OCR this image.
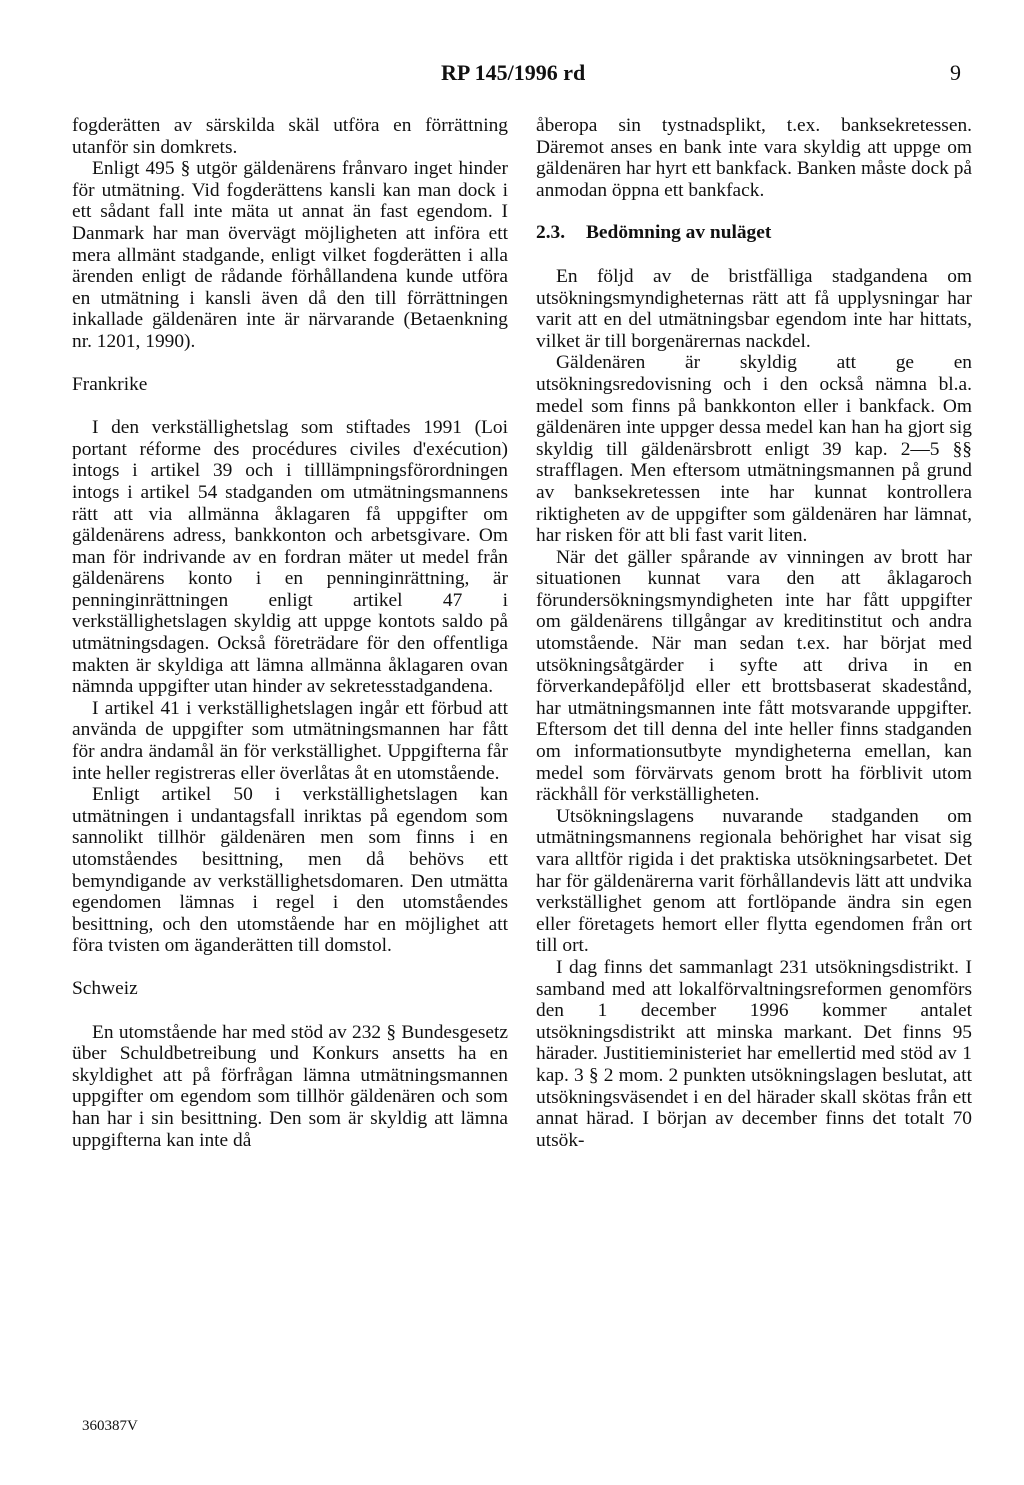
RP 145/1996 rd	9

fogderätten av särskilda skäl utföra en förrättning utanför sin domkrets.

Enligt 495 § utgör gäldenärens frånvaro inget hinder för utmätning. Vid fogderättens kansli kan man dock i ett sådant fall inte mäta ut annat än fast egendom. I Danmark har man övervägt möjligheten att införa ett mera allmänt stadgande, enligt vilket fogderätten i alla ärenden enligt de rådande förhållandena kunde utföra en utmätning i kansli även då den till förrättningen inkallade gäldenären inte är närvarande (Betaenkning nr. 1201, 1990).

Frankrike

I den verkställighetslag som stiftades 1991 (Loi portant réforme des procédures civiles d'exécution) intogs i artikel 39 och i tilllämpningsförordningen intogs i artikel 54 stadganden om utmätningsmannens rätt att via allmänna åklagaren få uppgifter om gäldenärens adress, bankkonton och arbetsgivare. Om man för indrivande av en fordran mäter ut medel från gäldenärens konto i en penninginrättning, är penninginrättningen enligt artikel 47 i verkställighetslagen skyldig att uppge kontots saldo på utmätningsdagen. Också företrädare för den offentliga makten är skyldiga att lämna allmänna åklagaren ovan nämnda uppgifter utan hinder av sekretesstadgandena.

I artikel 41 i verkställighetslagen ingår ett förbud att använda de uppgifter som utmätningsmannen har fått för andra ändamål än för verkställighet. Uppgifterna får inte heller registreras eller överlåtas åt en utomstående.

Enligt artikel 50 i verkställighetslagen kan utmätningen i undantagsfall inriktas på egendom som sannolikt tillhör gäldenären men som finns i en utomståendes besittning, men då behövs ett bemyndigande av verkställighetsdomaren. Den utmätta egendomen lämnas i regel i den utomståendes besittning, och den utomstående har en möjlighet att föra tvisten om äganderätten till domstol.

Schweiz

En utomstående har med stöd av 232 § Bundesgesetz über Schuldbetreibung und Konkurs ansetts ha en skyldighet att på förfrågan lämna utmätningsmannen uppgifter om egendom som tillhör gäldenären och som han har i sin besittning. Den som är skyldig att lämna uppgifterna kan inte då

åberopa sin tystnadsplikt, t.ex. banksekretessen. Däremot anses en bank inte vara skyldig att uppge om gäldenären har hyrt ett bankfack. Banken måste dock på anmodan öppna ett bankfack.

2.3. Bedömning av nuläget

En följd av de bristfälliga stadgandena om utsökningsmyndigheternas rätt att få upplysningar har varit att en del utmätningsbar egendom inte har hittats, vilket är till borgenärernas nackdel.

Gäldenären är skyldig att ge en utsökningsredovisning och i den också nämna bl.a. medel som finns på bankkonton eller i bankfack. Om gäldenären inte uppger dessa medel kan han ha gjort sig skyldig till gäldenärsbrott enligt 39 kap. 2—5 §§ strafflagen. Men eftersom utmätningsmannen på grund av banksekretessen inte har kunnat kontrollera riktigheten av de uppgifter som gäldenären har lämnat, har risken för att bli fast varit liten.

När det gäller spårande av vinningen av brott har situationen kunnat vara den att åklagaroch förundersökningsmyndigheten inte har fått uppgifter om gäldenärens tillgångar av kreditinstitut och andra utomstående. När man sedan t.ex. har börjat med utsökningsåtgärder i syfte att driva in en förverkandepåföljd eller ett brottsbaserat skadestånd, har utmätningsmannen inte fått motsvarande uppgifter. Eftersom det till denna del inte heller finns stadganden om informationsutbyte myndigheterna emellan, kan medel som förvärvats genom brott ha förblivit utom räckhåll för verkställigheten.

Utsökningslagens nuvarande stadganden om utmätningsmannens regionala behörighet har visat sig vara alltför rigida i det praktiska utsökningsarbetet. Det har för gäldenärerna varit förhållandevis lätt att undvika verkställighet genom att fortlöpande ändra sin egen eller företagets hemort eller flytta egendomen från ort till ort.

I dag finns det sammanlagt 231 utsökningsdistrikt. I samband med att lokalförvaltningsreformen genomförs den 1 december 1996 kommer antalet utsökningsdistrikt att minska markant. Det finns 95 härader. Justitieministeriet har emellertid med stöd av 1 kap. 3 § 2 mom. 2 punkten utsökningslagen beslutat, att utsökningsväsendet i en del härader skall skötas från ett annat härad. I början av december finns det totalt 70 utsök-

360387V
